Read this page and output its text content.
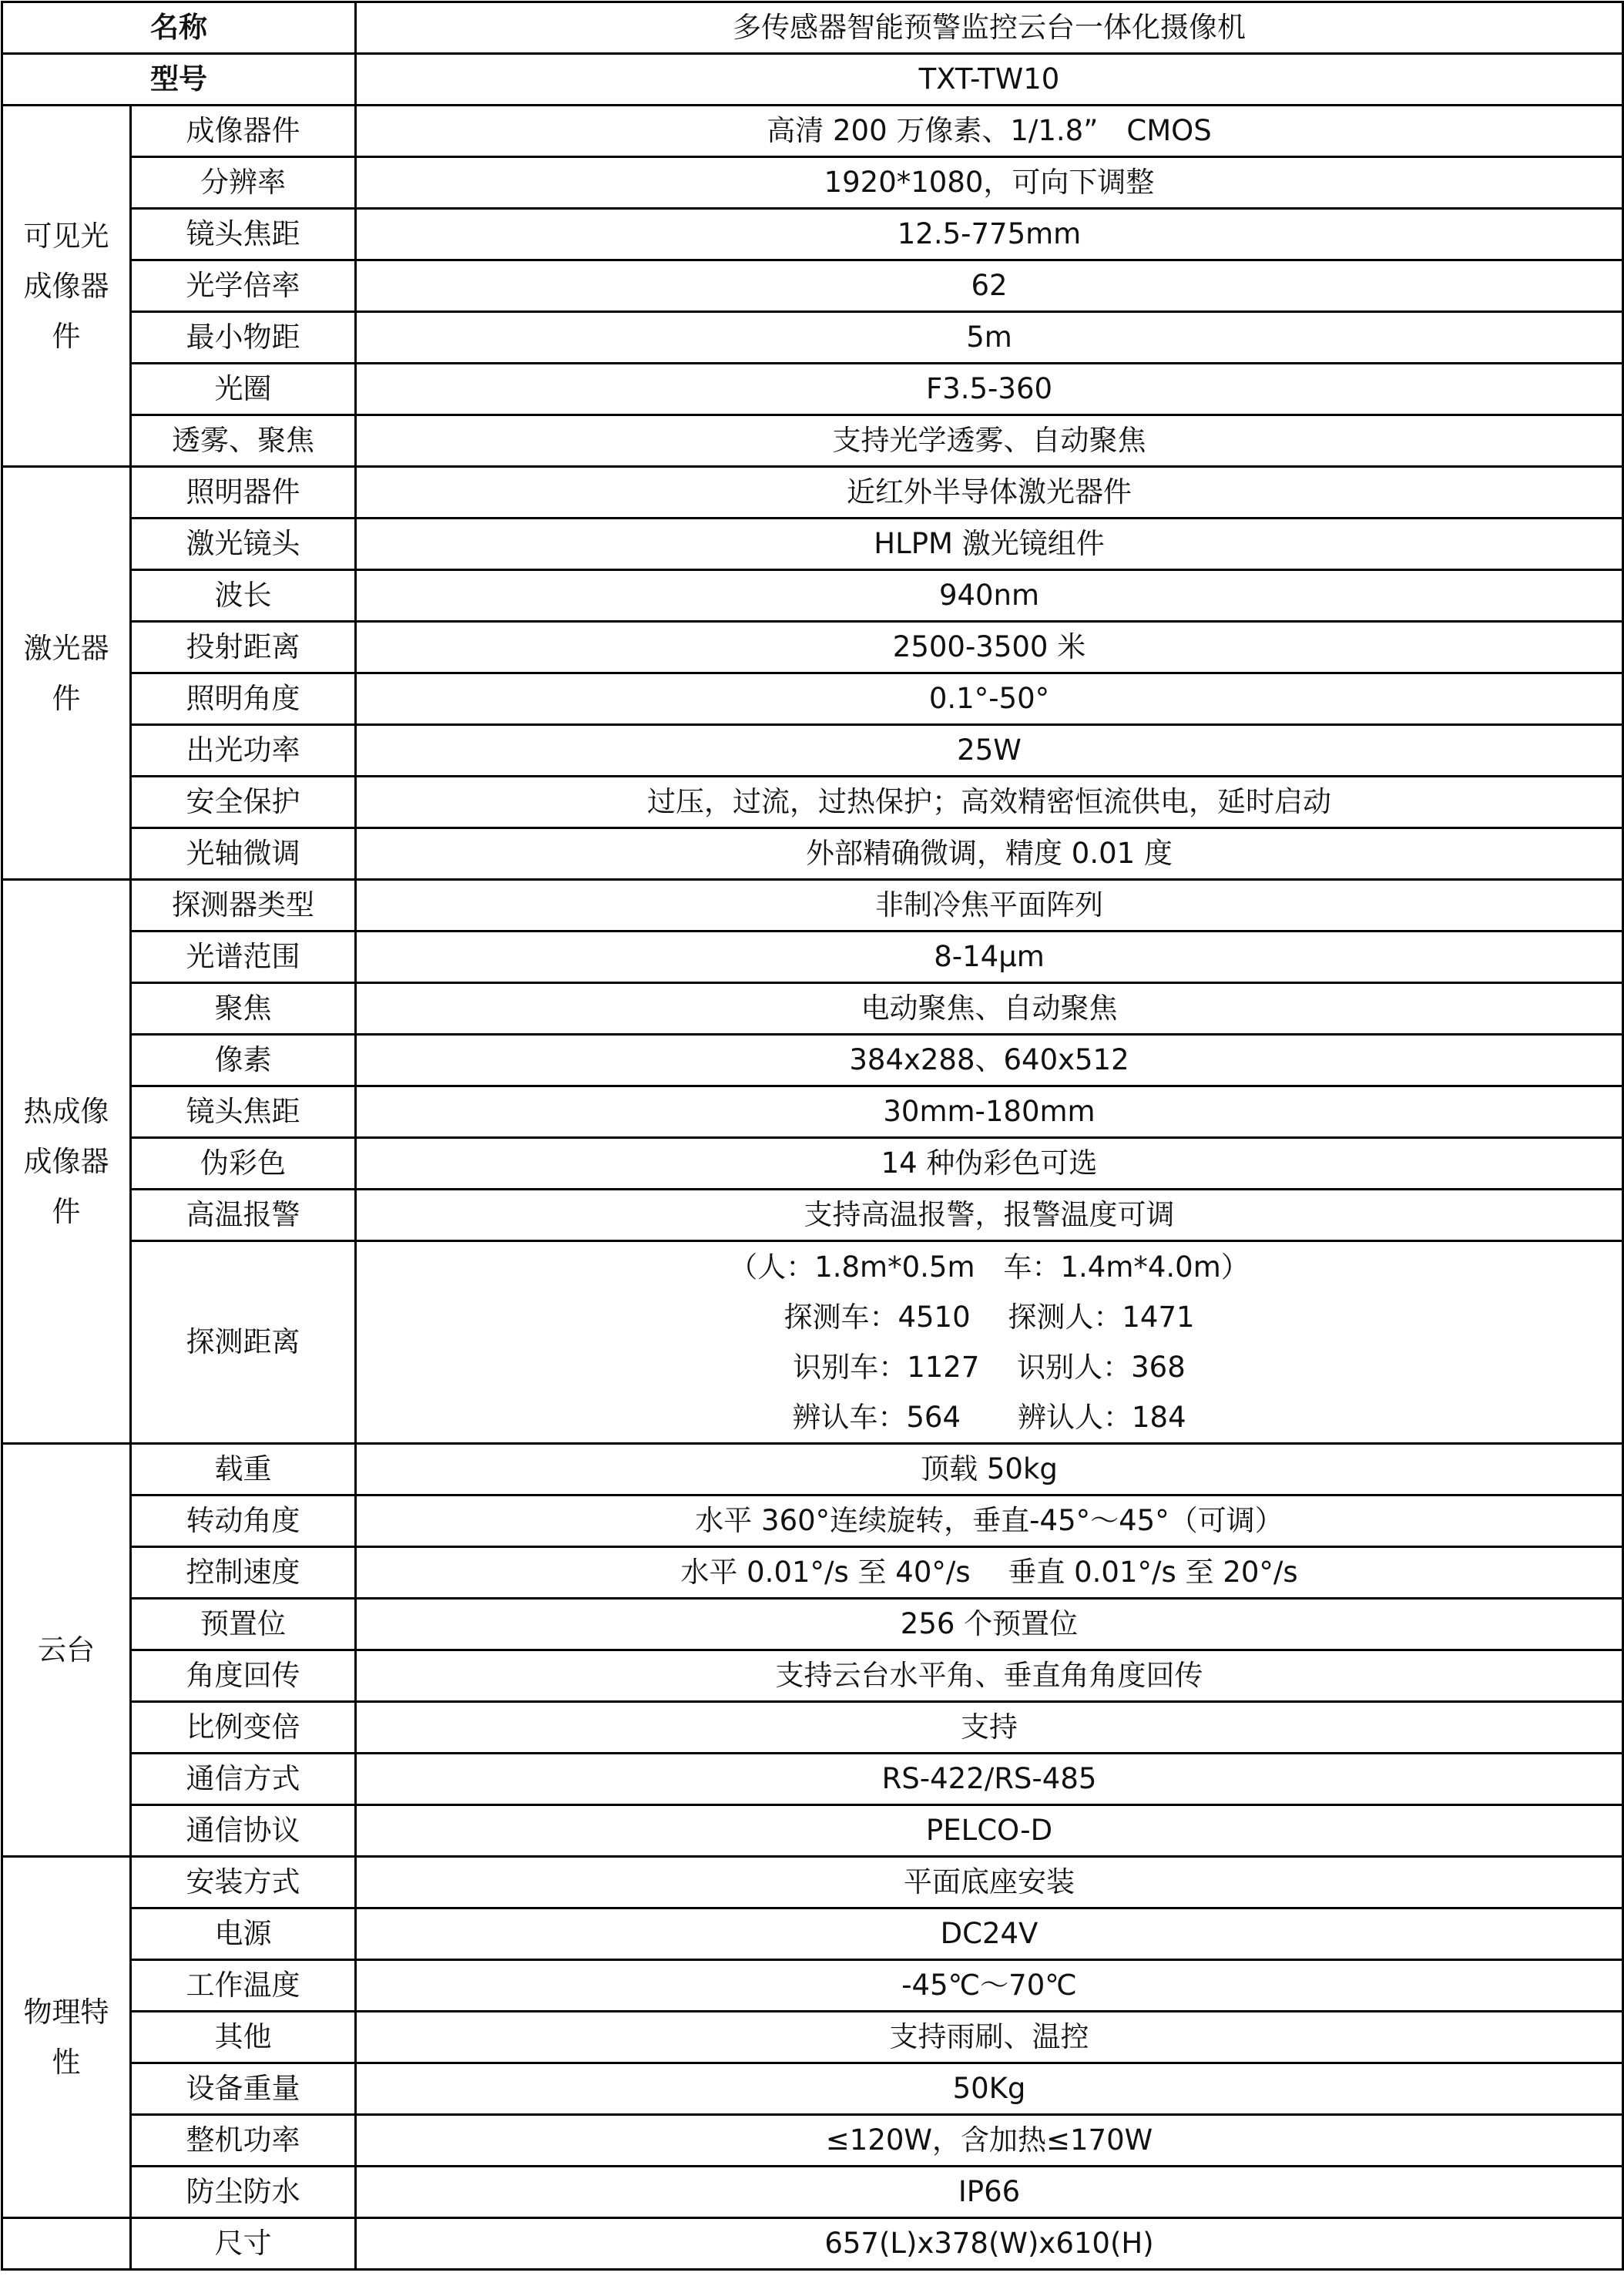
名称		多传感器智能预警监控云台一体化摄像机
型号		TXT-TW10

可见光
成像器
件	成像器件	高清 200 万像素、1/1.8”　CMOS
	分辨率	1920*1080，可向下调整
	镜头焦距	12.5-775mm
	光学倍率	62
	最小物距	5m
	光圈	F3.5-360
	透雾、聚焦	支持光学透雾、自动聚焦

激光器
件	照明器件	近红外半导体激光器件
	激光镜头	HLPM 激光镜组件
	波长	940nm
	投射距离	2500-3500 米
	照明角度	0.1°-50°
	出光功率	25W
	安全保护	过压，过流，过热保护；高效精密恒流供电，延时启动
	光轴微调	外部精确微调，精度 0.01 度

热成像
成像器
件	探测器类型	非制冷焦平面阵列
	光谱范围	8-14μm
	聚焦	电动聚焦、自动聚焦
	像素	384x288、640x512
	镜头焦距	30mm-180mm
	伪彩色	14 种伪彩色可选
	高温报警	支持高温报警，报警温度可调
	探测距离	（人：1.8m*0.5m　车：1.4m*4.0m）
探测车：4510　 探测人：1471
识别车：1127　 识别人：368
辨认车：564　　辨认人：184

云台	载重	顶载 50kg
	转动角度	水平 360°连续旋转，垂直-45°～45°（可调）
	控制速度	水平 0.01°/s 至 40°/s　 垂直 0.01°/s 至 20°/s
	预置位	256 个预置位
	角度回传	支持云台水平角、垂直角角度回传
	比例变倍	支持
	通信方式	RS-422/RS-485
	通信协议	PELCO-D

物理特
性	安装方式	平面底座安装
	电源	DC24V
	工作温度	-45℃～70℃
	其他	支持雨刷、温控
	设备重量	50Kg
	整机功率	≤120W，含加热≤170W
	防尘防水	IP66
	尺寸	657(L)x378(W)x610(H)
